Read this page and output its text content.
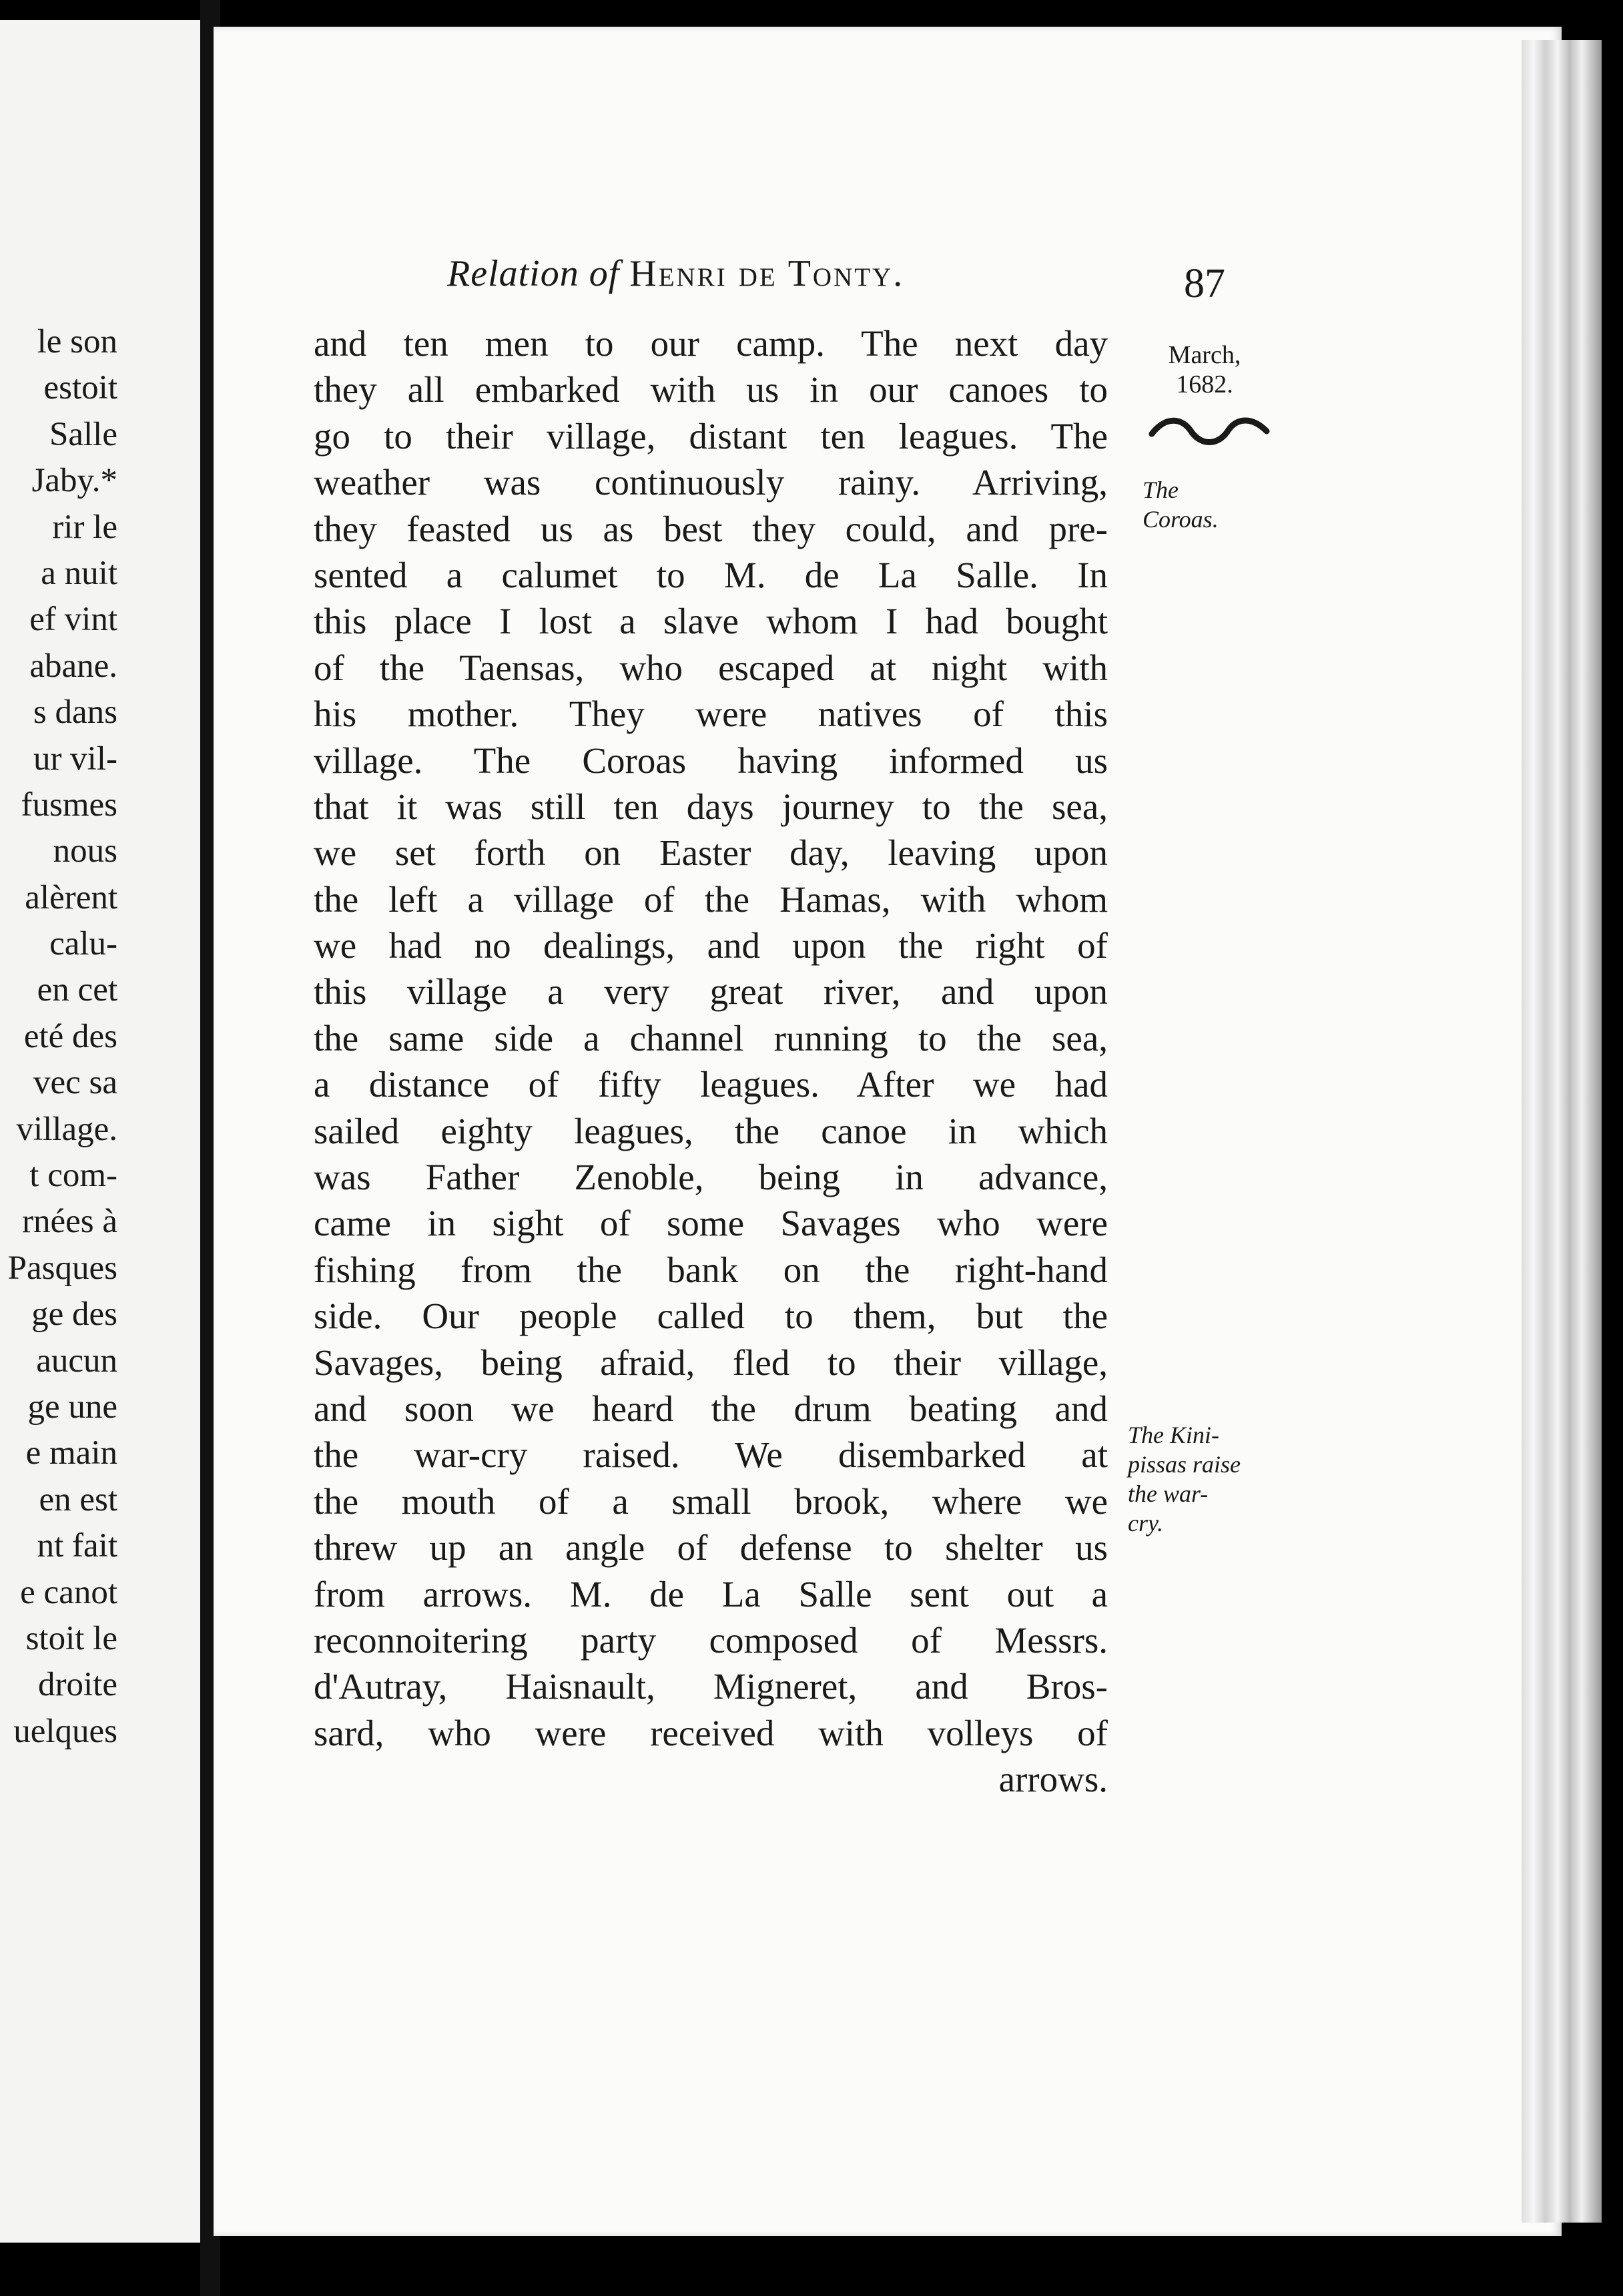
le son
estoit
Salle
Jaby.*
rir le
a nuit
ef vint
abane.
s dans
ur vil-
fusmes
nous
alèrent
calu-
en cet
eté des
vec sa
village.
t com-
rnées à
Pasques
ge des
aucun
ge une
e main
en est
nt fait
e canot
stoit le
droite
uelques
Relation of Henri de Tonty.	87
March,
1682.
The
Coroas.
The Kini-
pissas raise
the war-
cry.
and ten men to our camp. The next day
they all embarked with us in our canoes to
go to their village, distant ten leagues. The
weather was continuously rainy. Arriving,
they feasted us as best they could, and pre-
sented a calumet to M. de La Salle. In
this place I lost a slave whom I had bought
of the Taensas, who escaped at night with
his mother. They were natives of this
village. The Coroas having informed us
that it was still ten days journey to the sea,
we set forth on Easter day, leaving upon
the left a village of the Hamas, with whom
we had no dealings, and upon the right of
this village a very great river, and upon
the same side a channel running to the sea,
a distance of fifty leagues. After we had
sailed eighty leagues, the canoe in which
was Father Zenoble, being in advance,
came in sight of some Savages who were
fishing from the bank on the right-hand
side. Our people called to them, but the
Savages, being afraid, fled to their village,
and soon we heard the drum beating and
the war-cry raised. We disembarked at
the mouth of a small brook, where we
threw up an angle of defense to shelter us
from arrows. M. de La Salle sent out a
reconnoitering party composed of Messrs.
d'Autray, Haisnault, Migneret, and Bros-
sard, who were received with volleys of
arrows.
